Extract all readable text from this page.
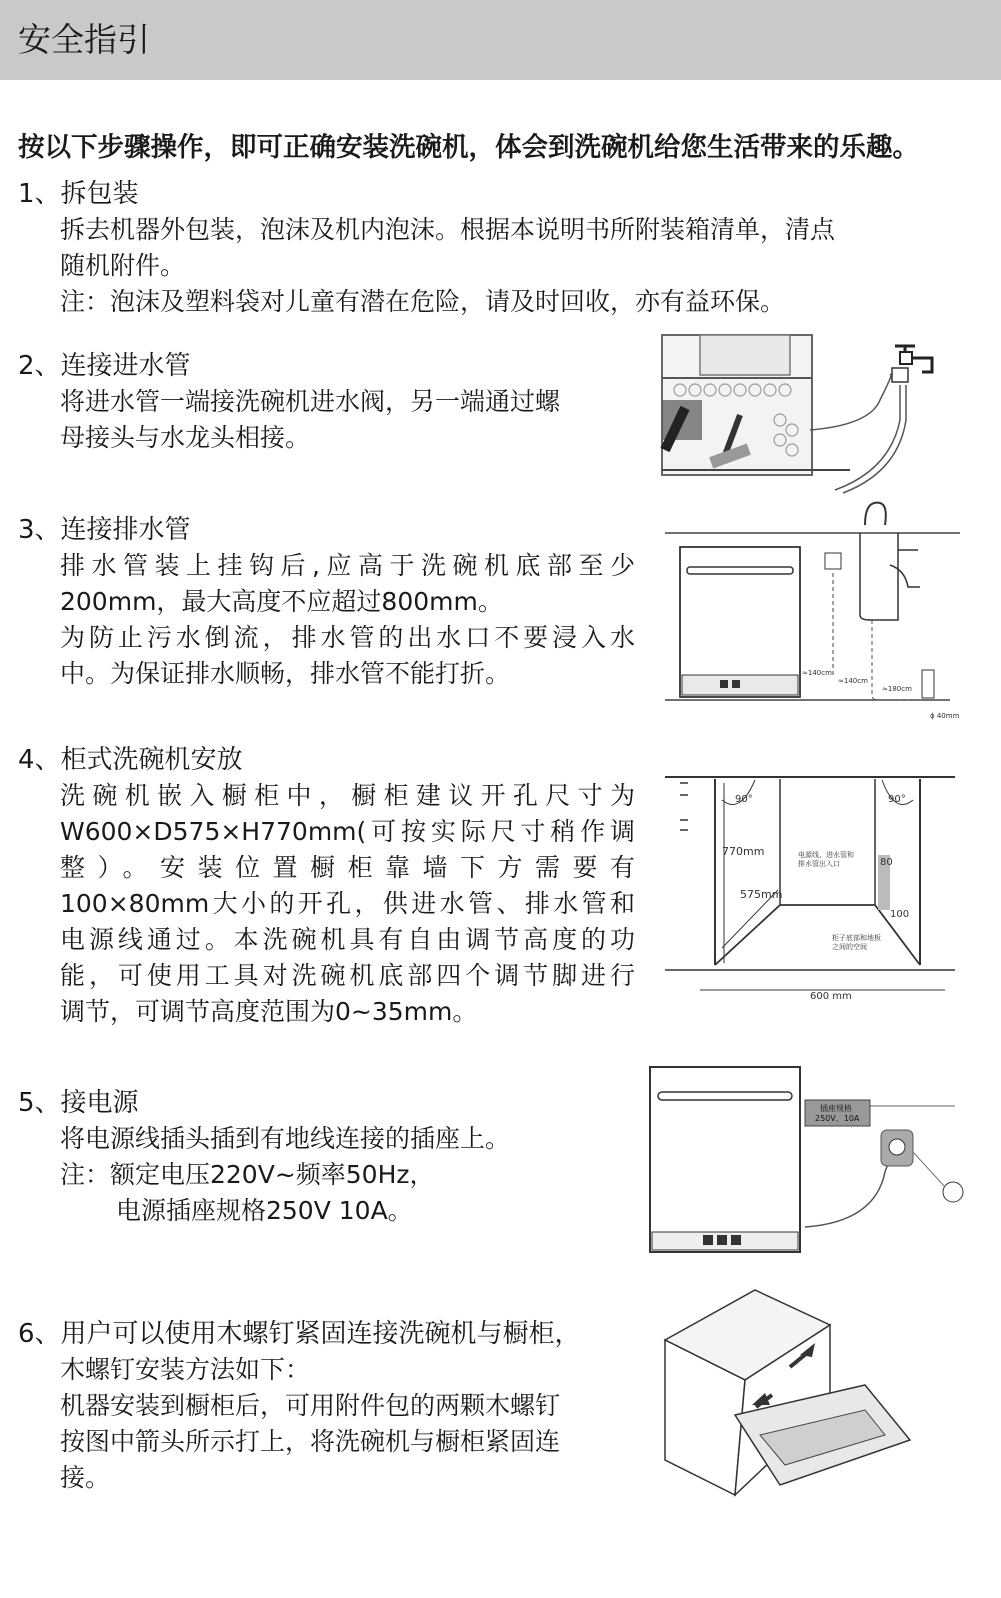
安全指引
按以下步骤操作，即可正确安装洗碗机，体会到洗碗机给您生活带来的乐趣。
1、拆包装

拆去机器外包装，泡沫及机内泡沫。根据本说明书所附装箱清单，清点

随机附件。

注：泡沫及塑料袋对儿童有潜在危险，请及时回收，亦有益环保。

2、连接进水管

将进水管一端接洗碗机进水阀，另一端通过螺

母接头与水龙头相接。

3、连接排水管

排水管装上挂钩后,应高于洗碗机底部至少

200mm，最大高度不应超过800mm。

为防止污水倒流，排水管的出水口不要浸入水

中。为保证排水顺畅，排水管不能打折。

4、柜式洗碗机安放

洗碗机嵌入橱柜中，橱柜建议开孔尺寸为

W600×D575×H770mm(可按实际尺寸稍作调

整）。安装位置橱柜靠墙下方需要有

100×80mm大小的开孔，供进水管、排水管和

电源线通过。本洗碗机具有自由调节高度的功

能，可使用工具对洗碗机底部四个调节脚进行

调节，可调节高度范围为0~35mm。

5、接电源

将电源线插头插到有地线连接的插座上。

注：额定电压220V~频率50Hz，

电源插座规格250V 10A。

6、用户可以使用木螺钉紧固连接洗碗机与橱柜，

木螺钉安装方法如下：

机器安装到橱柜后，可用附件包的两颗木螺钉

按图中箭头所示打上，将洗碗机与橱柜紧固连

接。

≈140cm
≈140cm
≈180cm
ϕ 40mm
90°	90°
770mm
575mm
600 mm
80
100
电源线、进水管和
排水管出入口
柜子底部和地板
之间的空间
插座规格
250V、10A
